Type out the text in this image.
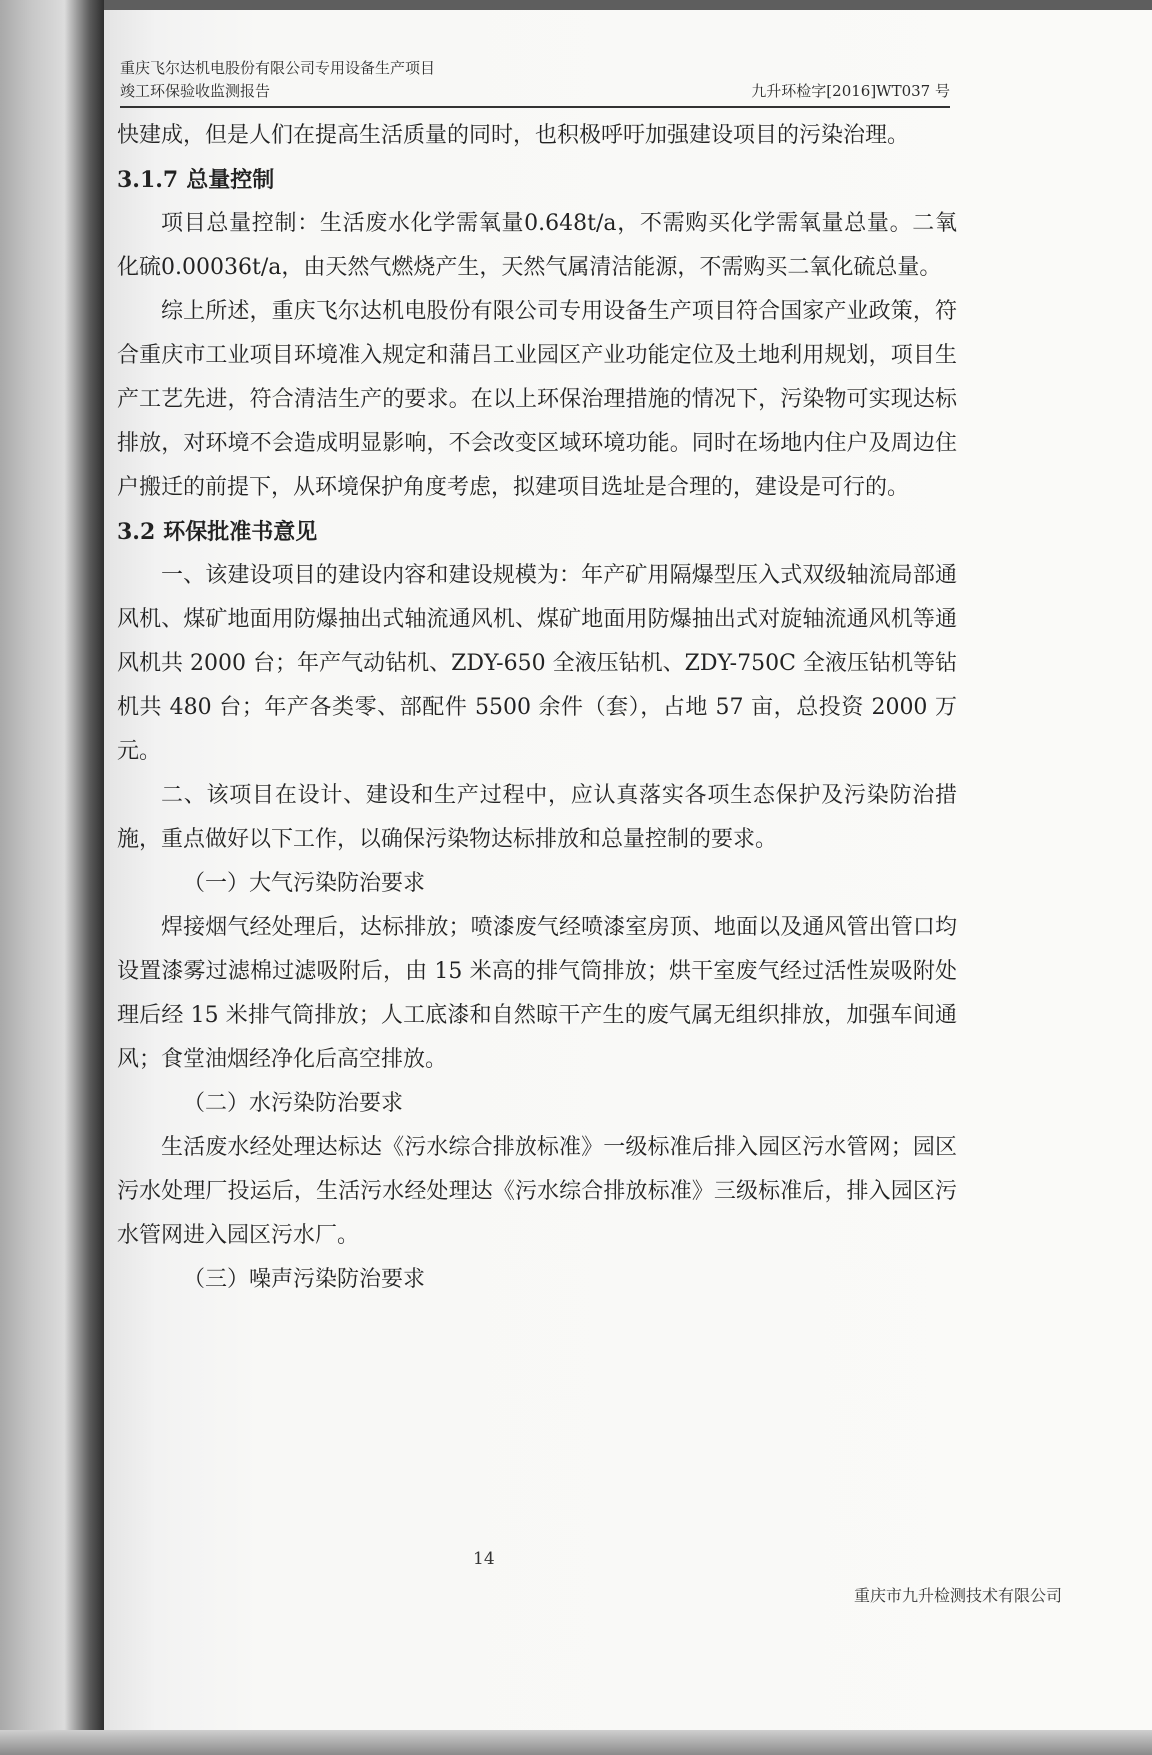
重庆飞尔达机电股份有限公司专用设备生产项目
竣工环保验收监测报告	九升环检字[2016]WT037 号

快建成，但是人们在提高生活质量的同时，也积极呼吁加强建设项目的污染治理。

3.1.7 总量控制

项目总量控制：生活废水化学需氧量0.648t/a，不需购买化学需氧量总量。二氧化硫0.00036t/a，由天然气燃烧产生，天然气属清洁能源，不需购买二氧化硫总量。

综上所述，重庆飞尔达机电股份有限公司专用设备生产项目符合国家产业政策，符合重庆市工业项目环境准入规定和蒲吕工业园区产业功能定位及土地利用规划，项目生产工艺先进，符合清洁生产的要求。在以上环保治理措施的情况下，污染物可实现达标排放，对环境不会造成明显影响，不会改变区域环境功能。同时在场地内住户及周边住户搬迁的前提下，从环境保护角度考虑，拟建项目选址是合理的，建设是可行的。

3.2 环保批准书意见

一、该建设项目的建设内容和建设规模为：年产矿用隔爆型压入式双级轴流局部通风机、煤矿地面用防爆抽出式轴流通风机、煤矿地面用防爆抽出式对旋轴流通风机等通风机共 2000 台；年产气动钻机、ZDY-650 全液压钻机、ZDY-750C 全液压钻机等钻机共 480 台；年产各类零、部配件 5500 余件（套），占地 57 亩，总投资 2000 万元。

二、该项目在设计、建设和生产过程中，应认真落实各项生态保护及污染防治措施，重点做好以下工作，以确保污染物达标排放和总量控制的要求。

（一）大气污染防治要求

焊接烟气经处理后，达标排放；喷漆废气经喷漆室房顶、地面以及通风管出管口均设置漆雾过滤棉过滤吸附后，由 15 米高的排气筒排放；烘干室废气经过活性炭吸附处理后经 15 米排气筒排放；人工底漆和自然晾干产生的废气属无组织排放，加强车间通风；食堂油烟经净化后高空排放。

（二）水污染防治要求

生活废水经处理达标达《污水综合排放标准》一级标准后排入园区污水管网；园区污水处理厂投运后，生活污水经处理达《污水综合排放标准》三级标准后，排入园区污水管网进入园区污水厂。

（三）噪声污染防治要求

14
重庆市九升检测技术有限公司
